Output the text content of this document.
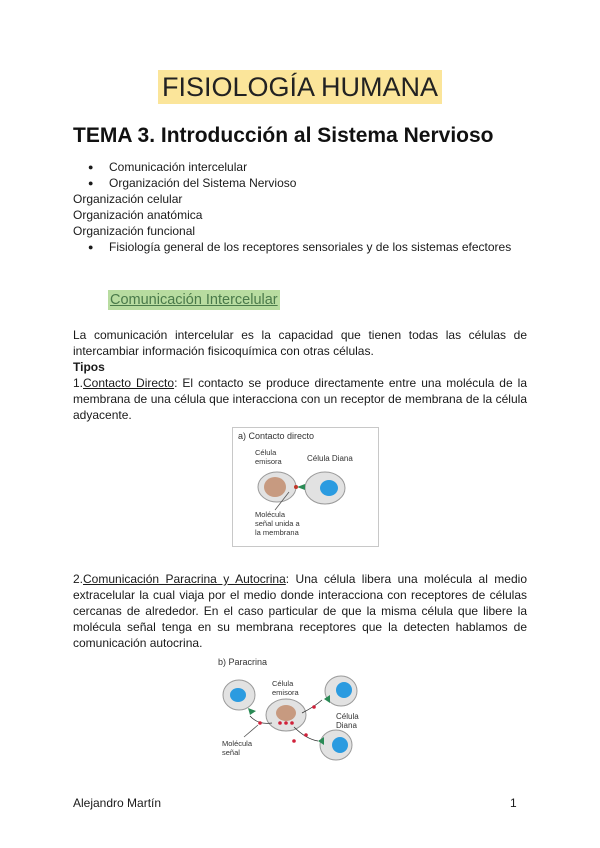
FISIOLOGÍA HUMANA
TEMA 3. Introducción al Sistema Nervioso
● Comunicación intercelular
● Organización del Sistema Nervioso
Organización celular
Organización anatómica
Organización funcional
● Fisiología general de los receptores sensoriales y de los sistemas efectores
Comunicación Intercelular
La comunicación intercelular es la capacidad que tienen todas las células de intercambiar información fisicoquímica con otras células.
Tipos
1.Contacto Directo: El contacto se produce directamente entre una molécula de la membrana de una célula que interacciona con un receptor de membrana de la célula adyacente.
a) Contacto directo
Célula
emisora	Célula Diana
Molécula
señal unida a
la membrana
2.Comunicación Paracrina y Autocrina: Una célula libera una molécula al medio extracelular la cual viaja por el medio donde interacciona con receptores de células cercanas de alrededor. En el caso particular de que la misma célula que libere la molécula señal tenga en su membrana receptores que la detecten hablamos de comunicación autocrina.
b) Paracrina
Célula
emisora
Célula Diana
Molécula
señal
Alejandro Martín	1
